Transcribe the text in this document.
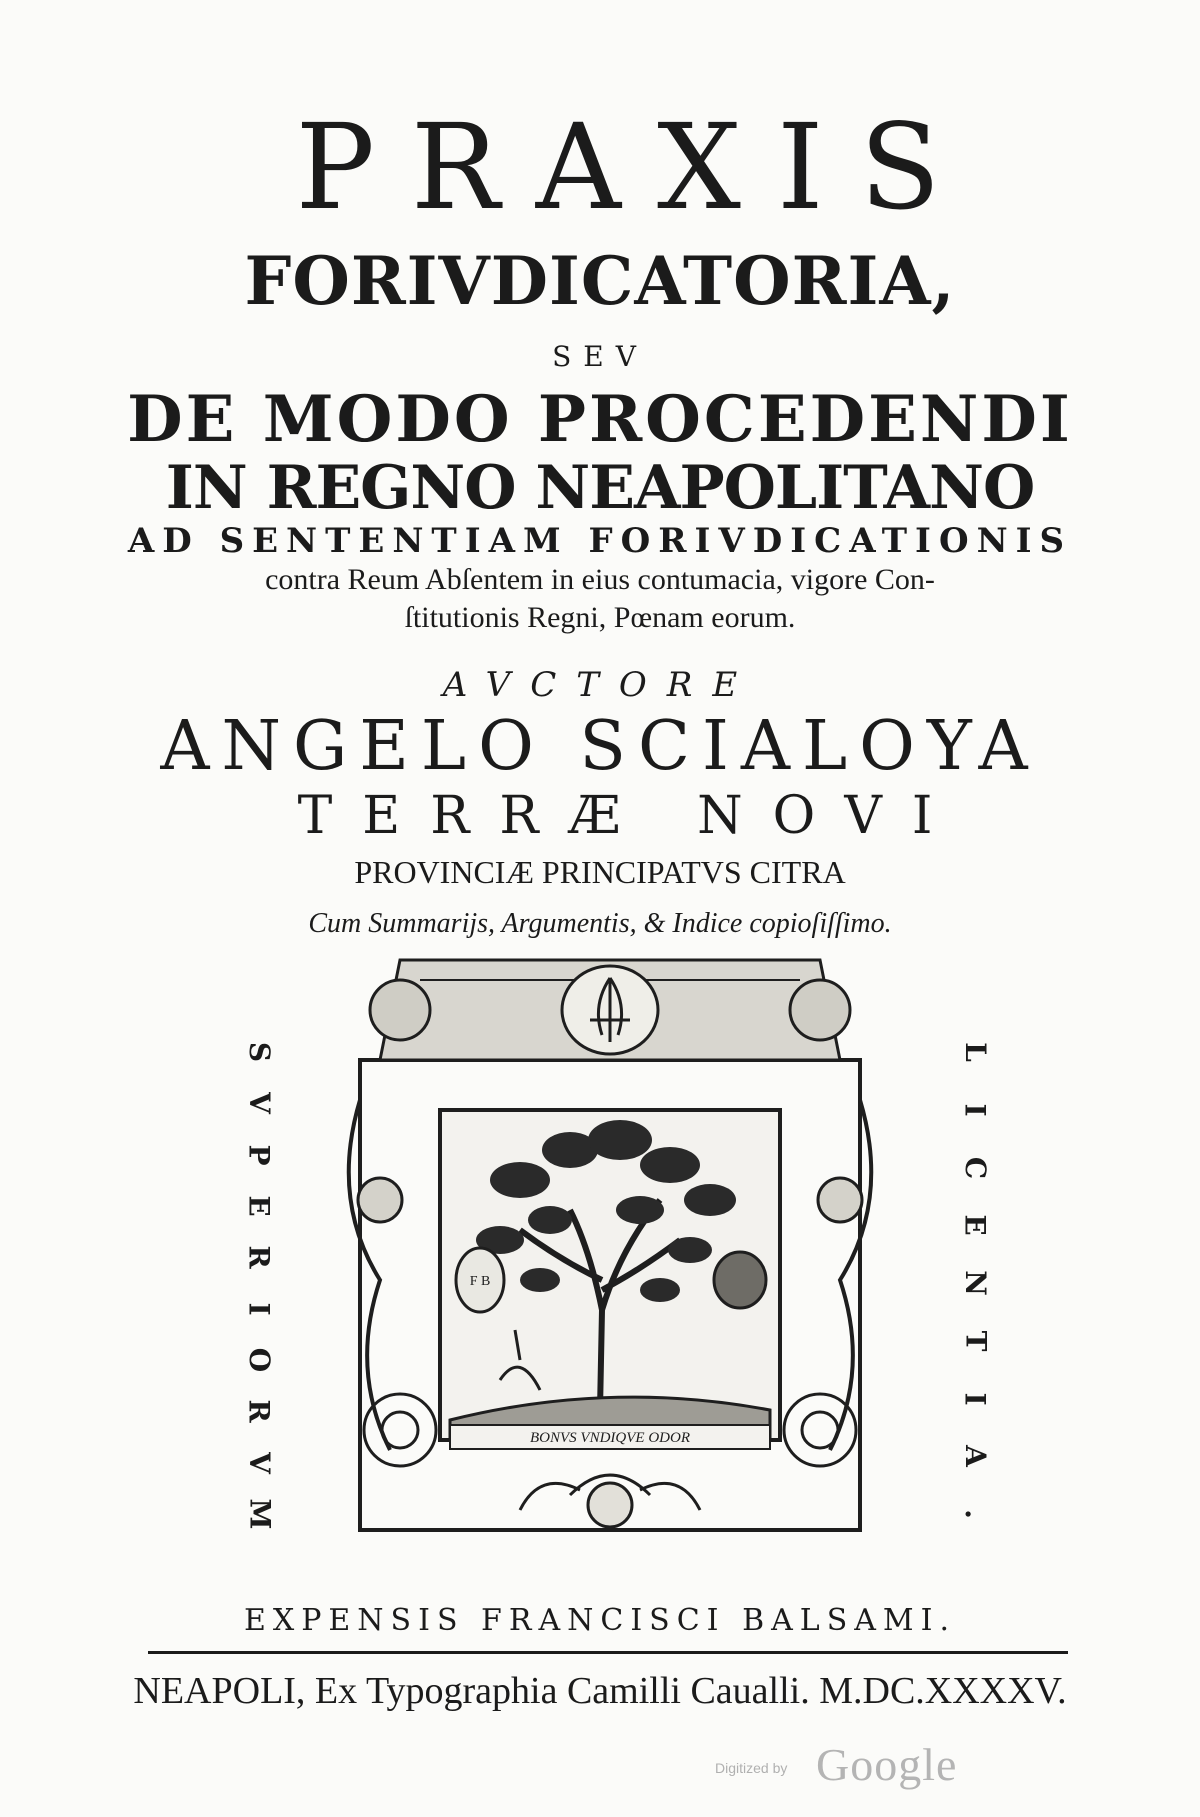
PRAXIS
FORIVDICATORIA,
SEV
DE MODO PROCEDENDI
IN REGNO NEAPOLITANO
AD SENTENTIAM FORIVDICATIONIS
contra Reum Abſentem in eius contumacia, vigore Con-
ſtitutionis Regni, Pœnam eorum.
AVCTORE
ANGELO SCIALOYA
TERRÆ NOVI
PROVINCIÆ PRINCIPATVS CITRA
Cum Summarijs, Argumentis, & Indice copioſiſſimo.
S
V
P
E
R
I
O
R
V
M
L
I
C
E
N
T
I
A
.
BONVS VNDIQVE ODOR
F B
EXPENSIS FRANCISCI BALSAMI.
NEAPOLI, Ex Typographia Camilli Caualli. M.DC.XXXXV.
Digitized by Google
